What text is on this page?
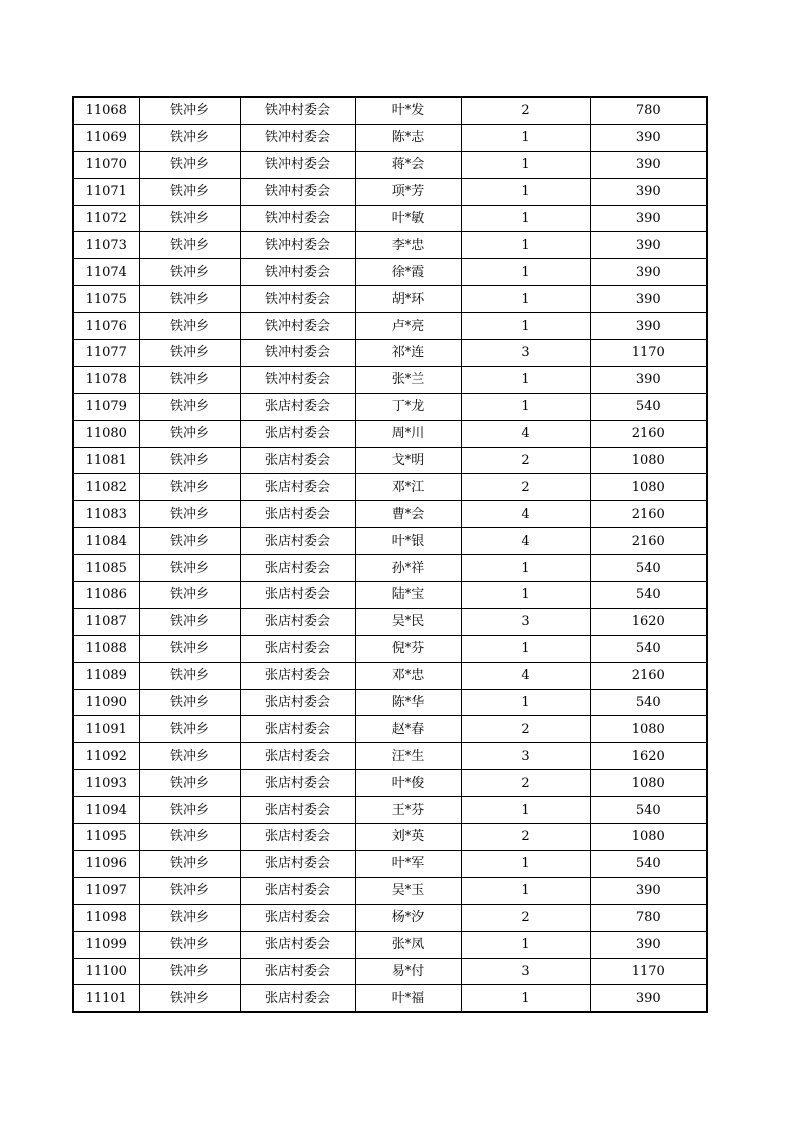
11068	铁冲乡	铁冲村委会	叶*发	2	780
11069	铁冲乡	铁冲村委会	陈*志	1	390
11070	铁冲乡	铁冲村委会	蒋*会	1	390
11071	铁冲乡	铁冲村委会	项*芳	1	390
11072	铁冲乡	铁冲村委会	叶*敏	1	390
11073	铁冲乡	铁冲村委会	李*忠	1	390
11074	铁冲乡	铁冲村委会	徐*霞	1	390
11075	铁冲乡	铁冲村委会	胡*环	1	390
11076	铁冲乡	铁冲村委会	卢*亮	1	390
11077	铁冲乡	铁冲村委会	祁*连	3	1170
11078	铁冲乡	铁冲村委会	张*兰	1	390
11079	铁冲乡	张店村委会	丁*龙	1	540
11080	铁冲乡	张店村委会	周*川	4	2160
11081	铁冲乡	张店村委会	戈*明	2	1080
11082	铁冲乡	张店村委会	邓*江	2	1080
11083	铁冲乡	张店村委会	曹*会	4	2160
11084	铁冲乡	张店村委会	叶*银	4	2160
11085	铁冲乡	张店村委会	孙*祥	1	540
11086	铁冲乡	张店村委会	陆*宝	1	540
11087	铁冲乡	张店村委会	吴*民	3	1620
11088	铁冲乡	张店村委会	倪*芬	1	540
11089	铁冲乡	张店村委会	邓*忠	4	2160
11090	铁冲乡	张店村委会	陈*华	1	540
11091	铁冲乡	张店村委会	赵*春	2	1080
11092	铁冲乡	张店村委会	汪*生	3	1620
11093	铁冲乡	张店村委会	叶*俊	2	1080
11094	铁冲乡	张店村委会	王*芬	1	540
11095	铁冲乡	张店村委会	刘*英	2	1080
11096	铁冲乡	张店村委会	叶*军	1	540
11097	铁冲乡	张店村委会	吴*玉	1	390
11098	铁冲乡	张店村委会	杨*汐	2	780
11099	铁冲乡	张店村委会	张*凤	1	390
11100	铁冲乡	张店村委会	易*付	3	1170
11101	铁冲乡	张店村委会	叶*福	1	390
